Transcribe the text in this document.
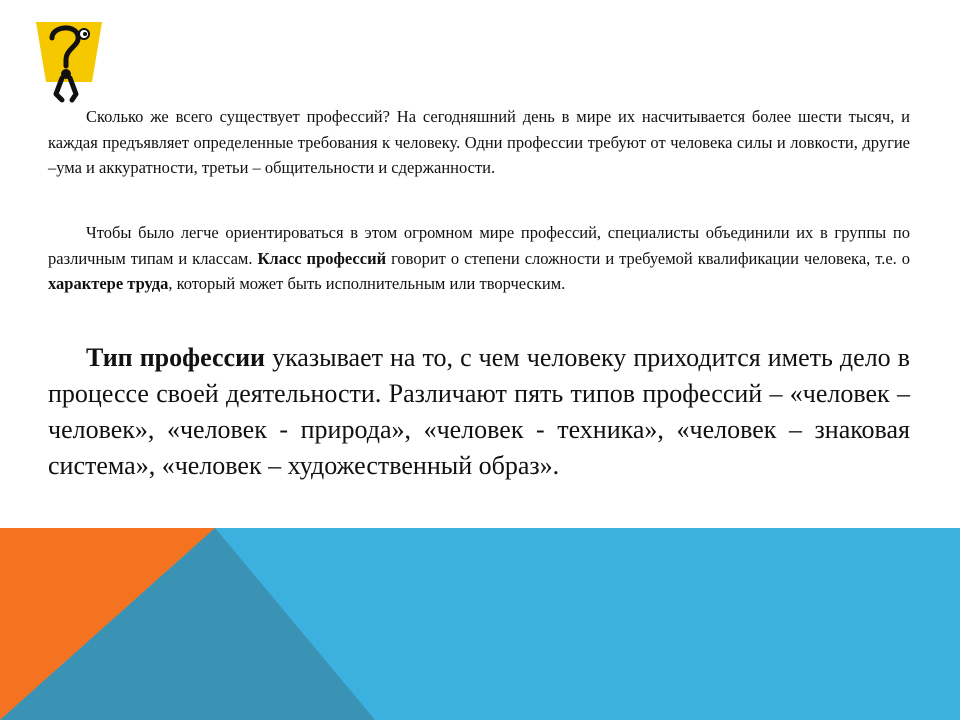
Сколько же всего существует профессий? На сегодняшний день в мире их насчитывается более шести тысяч, и каждая предъявляет определенные требования к человеку. Одни профессии требуют от человека силы и ловкости, другие –ума и аккуратности, третьи – общительности и сдержанности.

Чтобы было легче ориентироваться в этом огромном мире профессий, специалисты объединили их в группы по различным типам и классам. Класс профессий говорит о степени сложности и требуемой квалификации человека, т.е. о характере труда, который может быть исполнительным или творческим.

Тип профессии указывает на то, с чем человеку приходится иметь дело в процессе своей деятельности. Различают пять типов профессий – «человек – человек», «человек - природа», «человек - техника», «человек – знаковая система», «человек – художественный образ».
